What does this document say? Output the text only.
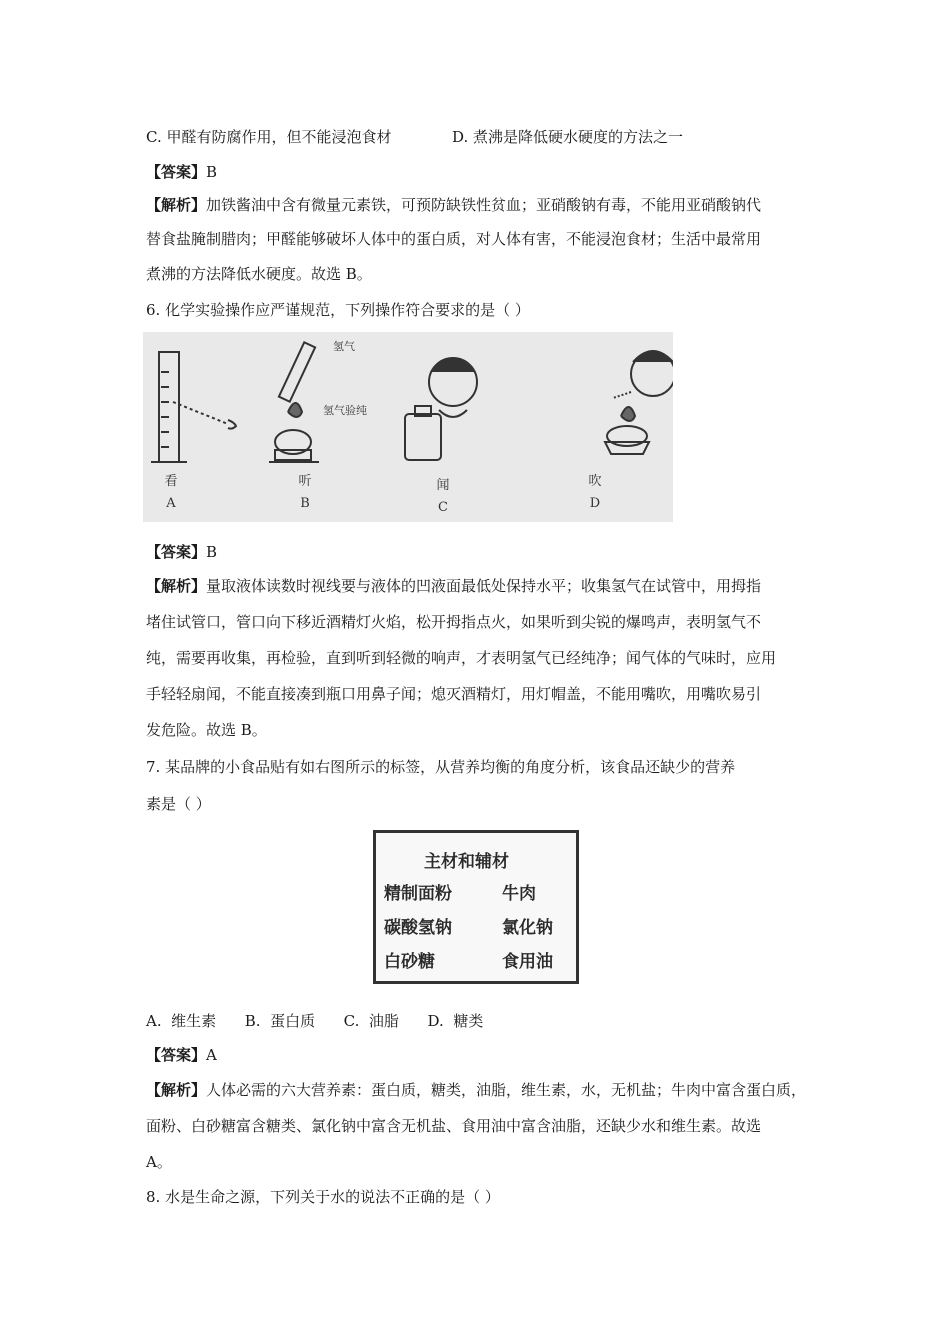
C. 甲醛有防腐作用，但不能浸泡食材	D. 煮沸是降低硬水硬度的方法之一
【答案】B
【解析】加铁酱油中含有微量元素铁，可预防缺铁性贫血；亚硝酸钠有毒，不能用亚硝酸钠代
替食盐腌制腊肉；甲醛能够破坏人体中的蛋白质，对人体有害，不能浸泡食材；生活中最常用
煮沸的方法降低水硬度。故选 B。
6. 化学实验操作应严谨规范，下列操作符合要求的是（ ）
氢气
氢气验纯
看	听	闻	吹
A	B	C	D
【答案】B
【解析】量取液体读数时视线要与液体的凹液面最低处保持水平；收集氢气在试管中，用拇指
堵住试管口，管口向下移近酒精灯火焰，松开拇指点火，如果听到尖锐的爆鸣声，表明氢气不
纯，需要再收集，再检验，直到听到轻微的响声，才表明氢气已经纯净；闻气体的气味时，应用
手轻轻扇闻，不能直接凑到瓶口用鼻子闻；熄灭酒精灯，用灯帽盖，不能用嘴吹，用嘴吹易引
发危险。故选 B。
7. 某品牌的小食品贴有如右图所示的标签，从营养均衡的角度分析，该食品还缺少的营养
素是（ ）
主材和辅材
精制面粉	牛肉
碳酸氢钠	氯化钠
白砂糖	食用油
A.  维生素      B.  蛋白质      C.  油脂      D.  糖类
【答案】A
【解析】人体必需的六大营养素：蛋白质，糖类，油脂，维生素，水，无机盐；牛肉中富含蛋白质，
面粉、白砂糖富含糖类、氯化钠中富含无机盐、食用油中富含油脂，还缺少水和维生素。故选
A。
8. 水是生命之源，下列关于水的说法不正确的是（ ）
